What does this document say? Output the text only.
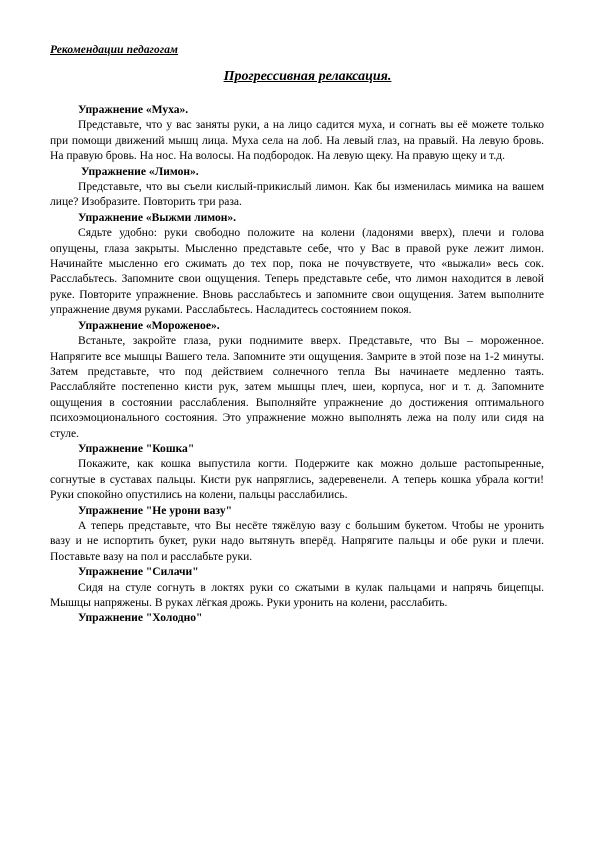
Рекомендации педагогам
Прогрессивная релаксация.

Упражнение «Муха».

Представьте, что у вас заняты руки, а на лицо садится муха, и согнать вы её можете только при помощи движений мышц лица. Муха села на лоб. На левый глаз, на правый. На левую бровь. На правую бровь. На нос. На волосы. На подбородок. На левую щеку. На правую щеку и т.д.

Упражнение «Лимон».

Представьте, что вы съели кислый-прикислый лимон. Как бы изменилась мимика на вашем лице? Изобразите. Повторить три раза.

Упражнение «Выжми лимон».

Сядьте удобно: руки свободно положите на колени (ладонями вверх), плечи и голова опущены, глаза закрыты. Мысленно представьте себе, что у Вас в правой руке лежит лимон. Начинайте мысленно его сжимать до тех пор, пока не почувствуете, что «выжали» весь сок. Расслабьтесь. Запомните свои ощущения. Теперь представьте себе, что лимон находится в левой руке. Повторите упражнение. Вновь расслабьтесь и запомните свои ощущения. Затем выполните упражнение двумя руками. Расслабьтесь. Насладитесь состоянием покоя.

Упражнение «Мороженое».

Встаньте, закройте глаза, руки поднимите вверх. Представьте, что Вы – мороженное. Напрягите все мышцы Вашего тела. Запомните эти ощущения. Замрите в этой позе на 1-2 минуты. Затем представьте, что под действием солнечного тепла Вы начинаете медленно таять. Расслабляйте постепенно кисти рук, затем мышцы плеч, шеи, корпуса, ног и т. д. Запомните ощущения в состоянии расслабления. Выполняйте упражнение до достижения оптимального психоэмоционального состояния. Это упражнение можно выполнять лежа на полу или сидя на стуле.

Упражнение "Кошка"

Покажите, как кошка выпустила когти. Подержите как можно дольше растопыренные, согнутые в суставах пальцы. Кисти рук напряглись, задеревенели. А теперь кошка убрала когти! Руки спокойно опустились на колени, пальцы расслабились.

Упражнение "Не урони вазу"

А теперь представьте, что Вы несёте тяжёлую вазу с большим букетом. Чтобы не уронить вазу и не испортить букет, руки надо вытянуть вперёд. Напрягите пальцы и обе руки и плечи. Поставьте вазу на пол и расслабьте руки.

Упражнение "Силачи"

Сидя на стуле согнуть в локтях руки со сжатыми в кулак пальцами и напрячь бицепцы. Мышцы напряжены. В руках лёгкая дрожь. Руки уронить на колени, расслабить.

Упражнение "Холодно"
